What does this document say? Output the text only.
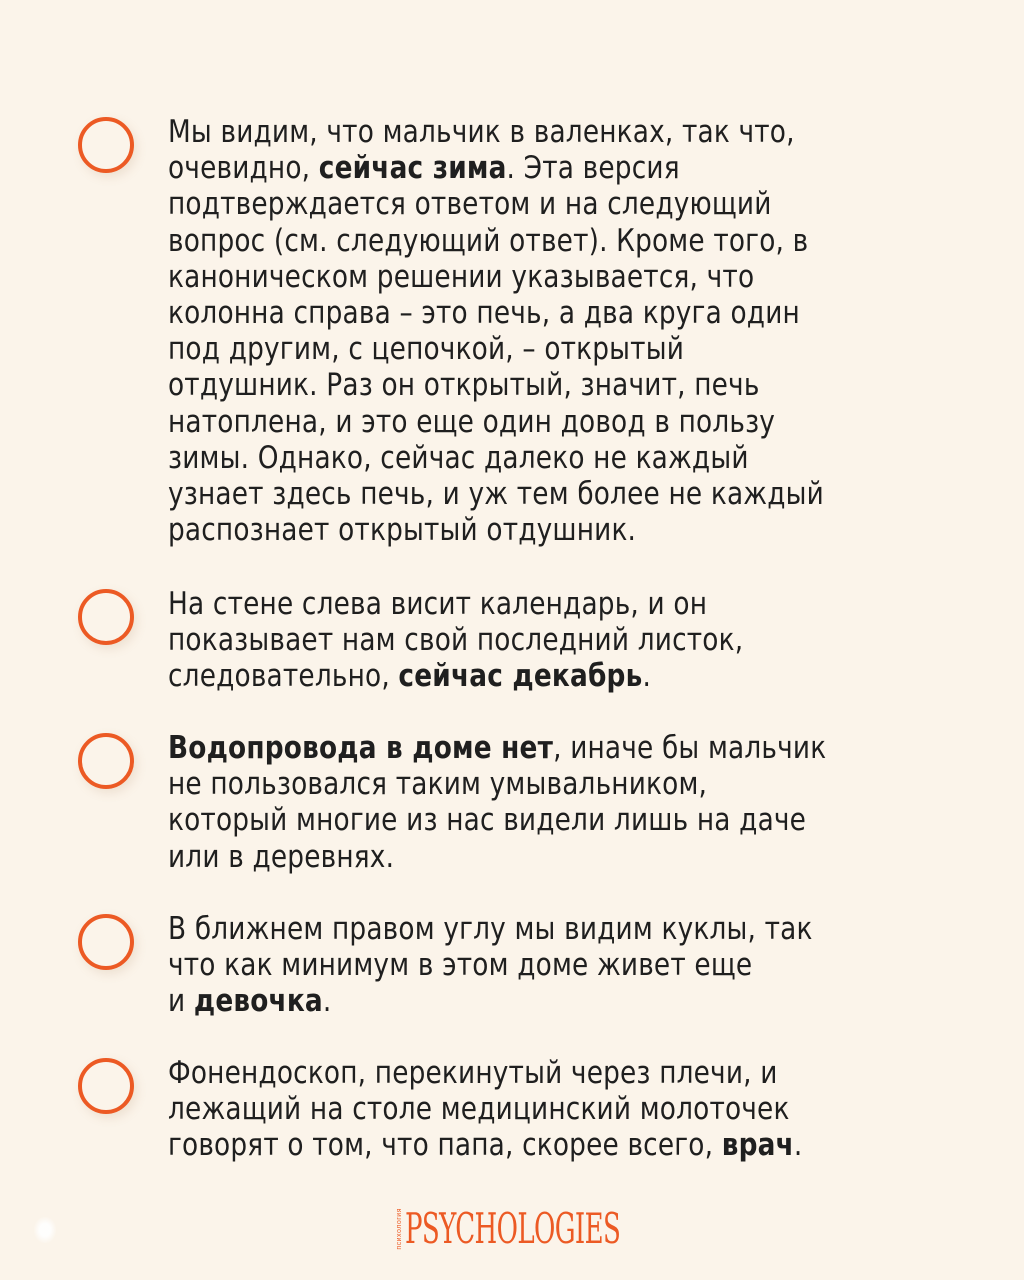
Мы видим, что мальчик в валенках, так что,
очевидно, сейчас зима. Эта версия
подтверждается ответом и на следующий
вопрос (см. следующий ответ). Кроме того, в
каноническом решении указывается, что
колонна справа – это печь, а два круга один
под другим, с цепочкой, – открытый
отдушник. Раз он открытый, значит, печь
натоплена, и это еще один довод в пользу
зимы. Однако, сейчас далеко не каждый
узнает здесь печь, и уж тем более не каждый
распознает открытый отдушник.
На стене слева висит календарь, и он
показывает нам свой последний листок,
следовательно, сейчас декабрь.
Водопровода в доме нет, иначе бы мальчик
не пользовался таким умывальником,
который многие из нас видели лишь на даче
или в деревнях.
В ближнем правом углу мы видим куклы, так
что как минимум в этом доме живет еще
и девочка.
Фонендоскоп, перекинутый через плечи, и
лежащий на столе медицинский молоточек
говорят о том, что папа, скорее всего, врач.
психология PSYCHOLOGIES
